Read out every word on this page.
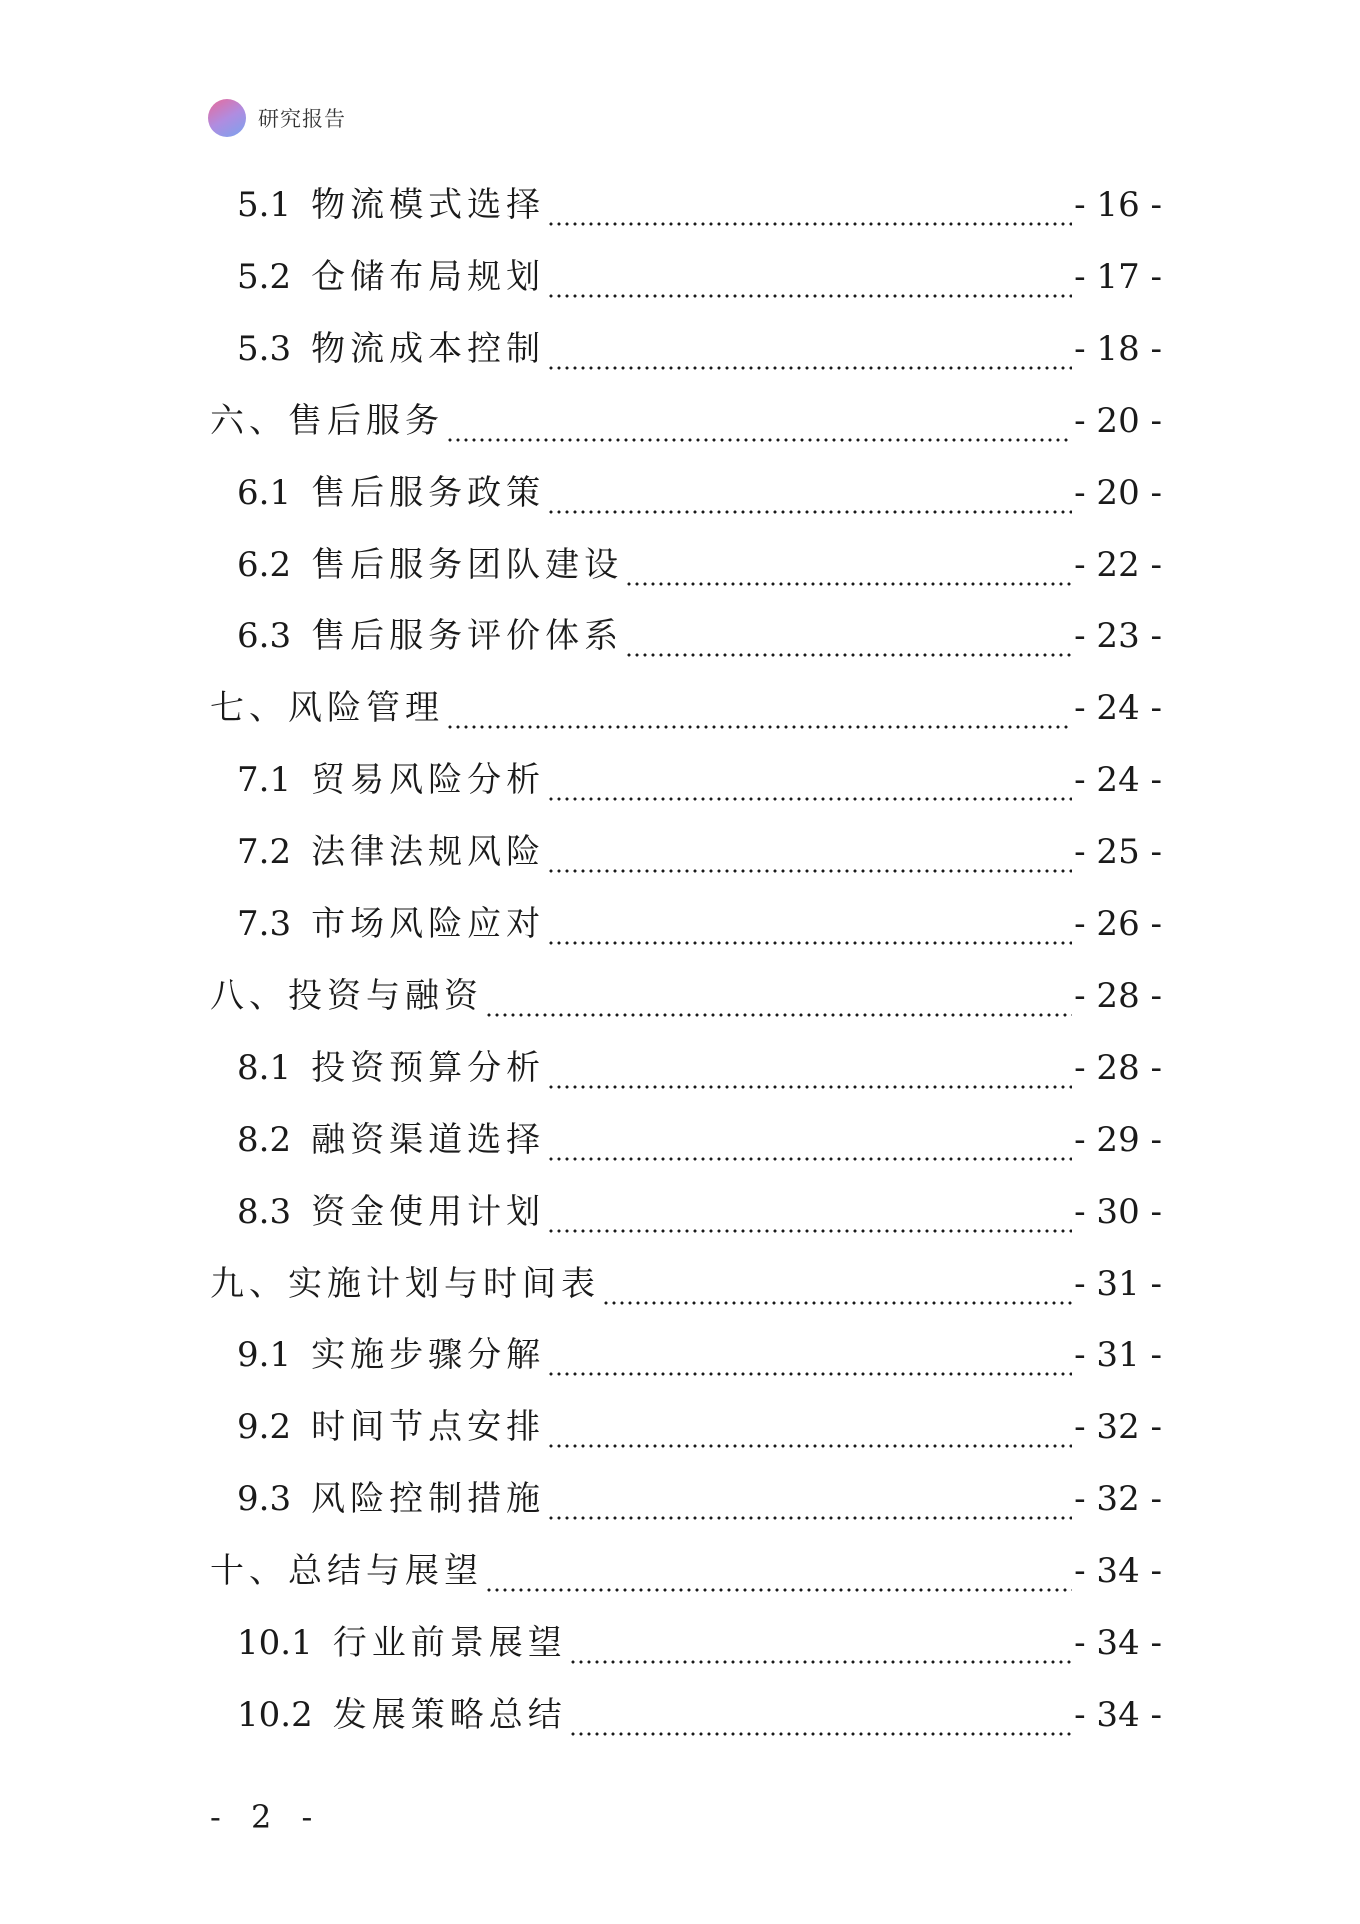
研究报告
5.1 物流模式选择	- 16 -
5.2 仓储布局规划	- 17 -
5.3 物流成本控制	- 18 -
六、售后服务	- 20 -
6.1 售后服务政策	- 20 -
6.2 售后服务团队建设	- 22 -
6.3 售后服务评价体系	- 23 -
七、风险管理	- 24 -
7.1 贸易风险分析	- 24 -
7.2 法律法规风险	- 25 -
7.3 市场风险应对	- 26 -
八、投资与融资	- 28 -
8.1 投资预算分析	- 28 -
8.2 融资渠道选择	- 29 -
8.3 资金使用计划	- 30 -
九、实施计划与时间表	- 31 -
9.1 实施步骤分解	- 31 -
9.2 时间节点安排	- 32 -
9.3 风险控制措施	- 32 -
十、总结与展望	- 34 -
10.1 行业前景展望	- 34 -
10.2 发展策略总结	- 34 -
- 2 -
